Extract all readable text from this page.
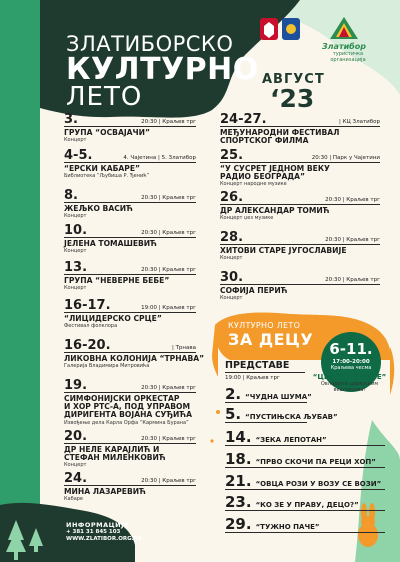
ЗЛАТИБОРСКО
КУЛТУРНО
ЛЕТО
АВГУСТ
‘23
Златибор
туристичка организација
3.	20:30 | Краљев трг
ГРУПА “ОСВАЈАЧИ”
Концерт
4-5.	4. Чајетина | 5. Златибор
“ЕРСКИ КАБАРЕ”
Библиотека “Љубиша Р. Ђенић”
8.	20:30 | Краљев трг
ЖЕЉКО ВАСИЋ
Концерт
10.	20:30 | Краљев трг
ЈЕЛЕНА ТОМАШЕВИЋ
Концерт
13.	20:30 | Краљев трг
ГРУПА “НЕВЕРНЕ БЕБЕ”
Концерт
16-17.	19:00 | Краљев трг
“ЛИЦИДЕРСКО СРЦЕ”
Фестивал фолклора
16-20.	| Трнава
ЛИКОВНА КОЛОНИЈА “ТРНАВА”
Галерија Владимира Митровића
19.	20:30 | Краљев трг
СИМФОНИЈСКИ ОРКЕСТАР
И ХОР РТС-А, ПОД УПРАВОМ
ДИРИГЕНТА ВОЈАНА СУЂИЋА
Извођење дела Карла Орфа “Кармина Бурана”
20.	20:30 | Краљев трг
ДР НЕЛЕ КАРАЈЛИЋ И
СТЕФАН МИЛЕНКОВИЋ
Концерт
24.	20:30 | Краљев трг
МИНА ЛАЗАРЕВИЋ
Кабаре
24-27.	| КЦ Златибор
МЕЂУНАРОДНИ ФЕСТИВАЛ
СПОРТСКОГ ФИЛМА
25.	20:30 | Парк у Чајетини
“У СУСРЕТ ЈЕДНОМ ВЕКУ
РАДИО БЕОГРАДА”
Концерт народне музике
26.	20:30 | Краљев трг
ДР АЛЕКСАНДАР ТОМИЋ
Концерт џез музике
28.	20:30 | Краљев трг
ХИТОВИ СТАРЕ ЈУГОСЛАВИЈЕ
Концерт
30.	20:30 | Краљев трг
СОФИЈА ПЕРИЋ
Концерт
КУЛТУРНО ЛЕТО
ЗА ДЕЦУ	6-11.
17:00-20:00
Краљева чесма
ПРЕДСТАВЕ
19:00 | Краљев трг	“ЦИРКУС ЗА СВЕ”
Овладајте циркуским вештинама!
2. “ЧУДНА ШУМА”
5. “ПУСТИЊСКА ЉУБАВ”
14. “ЗЕКА ЛЕПОТАН”
18. “ПРВО СКОЧИ ПА РЕЦИ ХОП”
21. “ОВЦА РОЗИ У ВОЗУ СЕ ВОЗИ”
23. “КО ЗЕ У ПРАВУ, ДЕЦО?”
29. “ТУЖНО ПАЧЕ”
ИНФОРМАЦИЈЕ
+ 381 31 845 103
WWW.ZLATIBOR.ORG.RS
